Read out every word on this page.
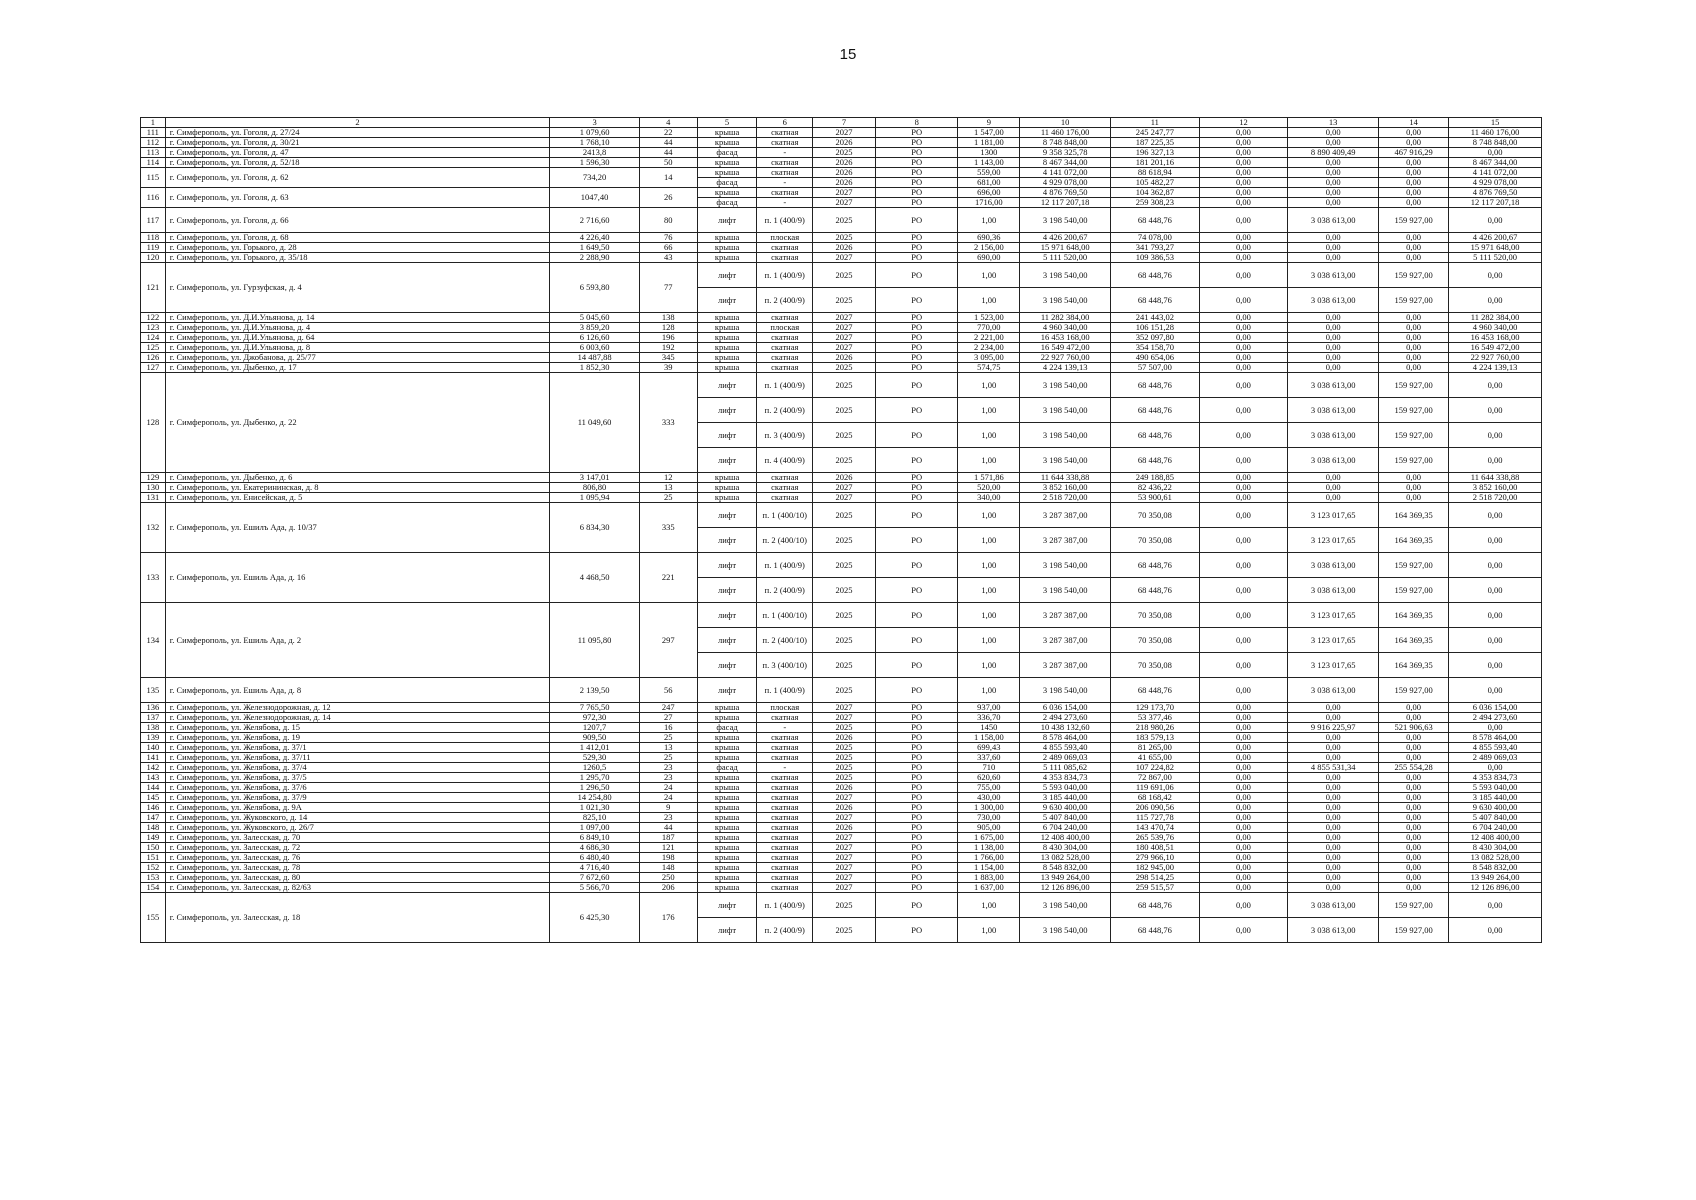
15
1	2	3	4	5	6	7	8	9	10	11	12	13	14	15
111	г. Симферополь, ул. Гоголя, д. 27/24	1 079,60	22	крыша	скатная	2027	РО	1 547,00	11 460 176,00	245 247,77	0,00	0,00	0,00	11 460 176,00
112	г. Симферополь, ул. Гоголя, д. 30/21	1 768,10	44	крыша	скатная	2026	РО	1 181,00	8 748 848,00	187 225,35	0,00	0,00	0,00	8 748 848,00
113	г. Симферополь, ул. Гоголя, д. 47	2413,8	44	фасад	-	2025	РО	1300	9 358 325,78	196 327,13	0,00	8 890 409,49	467 916,29	0,00
114	г. Симферополь, ул. Гоголя, д. 52/18	1 596,30	50	крыша	скатная	2026	РО	1 143,00	8 467 344,00	181 201,16	0,00	0,00	0,00	8 467 344,00
115	г. Симферополь, ул. Гоголя, д. 62	734,20	14	крыша	скатная	2026	РО	559,00	4 141 072,00	88 618,94	0,00	0,00	0,00	4 141 072,00
				фасад	-	2026	РО	681,00	4 929 078,00	105 482,27	0,00	0,00	0,00	4 929 078,00
116	г. Симферополь, ул. Гоголя, д. 63	1047,40	26	крыша	скатная	2027	РО	696,00	4 876 769,50	104 362,87	0,00	0,00	0,00	4 876 769,50
				фасад	-	2027	РО	1716,00	12 117 207,18	259 308,23	0,00	0,00	0,00	12 117 207,18
117	г. Симферополь, ул. Гоголя, д. 66	2 716,60	80	лифт	п. 1 (400/9)	2025	РО	1,00	3 198 540,00	68 448,76	0,00	3 038 613,00	159 927,00	0,00
118	г. Симферополь, ул. Гоголя, д. 68	4 226,40	76	крыша	плоская	2025	РО	690,36	4 426 200,67	74 078,00	0,00	0,00	0,00	4 426 200,67
119	г. Симферополь, ул. Горького, д. 28	1 649,50	66	крыша	скатная	2026	РО	2 156,00	15 971 648,00	341 793,27	0,00	0,00	0,00	15 971 648,00
120	г. Симферополь, ул. Горького, д. 35/18	2 288,90	43	крыша	скатная	2027	РО	690,00	5 111 520,00	109 386,53	0,00	0,00	0,00	5 111 520,00
121	г. Симферополь, ул. Гурзуфская, д. 4	6 593,80	77	лифт	п. 1 (400/9)	2025	РО	1,00	3 198 540,00	68 448,76	0,00	3 038 613,00	159 927,00	0,00
				лифт	п. 2 (400/9)	2025	РО	1,00	3 198 540,00	68 448,76	0,00	3 038 613,00	159 927,00	0,00
122	г. Симферополь, ул. Д.И.Ульянова, д. 14	5 045,60	138	крыша	скатная	2027	РО	1 523,00	11 282 384,00	241 443,02	0,00	0,00	0,00	11 282 384,00
123	г. Симферополь, ул. Д.И.Ульянова, д. 4	3 859,20	128	крыша	плоская	2027	РО	770,00	4 960 340,00	106 151,28	0,00	0,00	0,00	4 960 340,00
124	г. Симферополь, ул. Д.И.Ульянова, д. 64	6 126,60	196	крыша	скатная	2027	РО	2 221,00	16 453 168,00	352 097,80	0,00	0,00	0,00	16 453 168,00
125	г. Симферополь, ул. Д.И.Ульянова, д. 8	6 003,60	192	крыша	скатная	2027	РО	2 234,00	16 549 472,00	354 158,70	0,00	0,00	0,00	16 549 472,00
126	г. Симферополь, ул. Джобанова, д. 25/77	14 487,88	345	крыша	скатная	2026	РО	3 095,00	22 927 760,00	490 654,06	0,00	0,00	0,00	22 927 760,00
127	г. Симферополь, ул. Дыбенко, д. 17	1 852,30	39	крыша	скатная	2025	РО	574,75	4 224 139,13	57 507,00	0,00	0,00	0,00	4 224 139,13
128	г. Симферополь, ул. Дыбенко, д. 22	11 049,60	333	лифт	п. 1 (400/9)	2025	РО	1,00	3 198 540,00	68 448,76	0,00	3 038 613,00	159 927,00	0,00
				лифт	п. 2 (400/9)	2025	РО	1,00	3 198 540,00	68 448,76	0,00	3 038 613,00	159 927,00	0,00
				лифт	п. 3 (400/9)	2025	РО	1,00	3 198 540,00	68 448,76	0,00	3 038 613,00	159 927,00	0,00
				лифт	п. 4 (400/9)	2025	РО	1,00	3 198 540,00	68 448,76	0,00	3 038 613,00	159 927,00	0,00
129	г. Симферополь, ул. Дыбенко, д. 6	3 147,01	12	крыша	скатная	2026	РО	1 571,86	11 644 338,88	249 188,85	0,00	0,00	0,00	11 644 338,88
130	г. Симферополь, ул. Екатерининская, д. 8	806,80	13	крыша	скатная	2027	РО	520,00	3 852 160,00	82 436,22	0,00	0,00	0,00	3 852 160,00
131	г. Симферополь, ул. Енисейская, д. 5	1 095,94	25	крыша	скатная	2027	РО	340,00	2 518 720,00	53 900,61	0,00	0,00	0,00	2 518 720,00
132	г. Симферополь, ул. Ешилъ Ада, д. 10/37	6 834,30	335	лифт	п. 1 (400/10)	2025	РО	1,00	3 287 387,00	70 350,08	0,00	3 123 017,65	164 369,35	0,00
				лифт	п. 2 (400/10)	2025	РО	1,00	3 287 387,00	70 350,08	0,00	3 123 017,65	164 369,35	0,00
133	г. Симферополь, ул. Ешиль Ада, д. 16	4 468,50	221	лифт	п. 1 (400/9)	2025	РО	1,00	3 198 540,00	68 448,76	0,00	3 038 613,00	159 927,00	0,00
				лифт	п. 2 (400/9)	2025	РО	1,00	3 198 540,00	68 448,76	0,00	3 038 613,00	159 927,00	0,00
134	г. Симферополь, ул. Ешиль Ада, д. 2	11 095,80	297	лифт	п. 1 (400/10)	2025	РО	1,00	3 287 387,00	70 350,08	0,00	3 123 017,65	164 369,35	0,00
				лифт	п. 2 (400/10)	2025	РО	1,00	3 287 387,00	70 350,08	0,00	3 123 017,65	164 369,35	0,00
				лифт	п. 3 (400/10)	2025	РО	1,00	3 287 387,00	70 350,08	0,00	3 123 017,65	164 369,35	0,00
135	г. Симферополь, ул. Ешиль Ада, д. 8	2 139,50	56	лифт	п. 1 (400/9)	2025	РО	1,00	3 198 540,00	68 448,76	0,00	3 038 613,00	159 927,00	0,00
136	г. Симферополь, ул. Железнодорожная, д. 12	7 765,50	247	крыша	плоская	2027	РО	937,00	6 036 154,00	129 173,70	0,00	0,00	0,00	6 036 154,00
137	г. Симферополь, ул. Железнодорожная, д. 14	972,30	27	крыша	скатная	2027	РО	336,70	2 494 273,60	53 377,46	0,00	0,00	0,00	2 494 273,60
138	г. Симферополь, ул. Желябова, д. 15	1207,7	16	фасад	-	2025	РО	1450	10 438 132,60	218 980,26	0,00	9 916 225,97	521 906,63	0,00
139	г. Симферополь, ул. Желябова, д. 19	909,50	25	крыша	скатная	2026	РО	1 158,00	8 578 464,00	183 579,13	0,00	0,00	0,00	8 578 464,00
140	г. Симферополь, ул. Желябова, д. 37/1	1 412,01	13	крыша	скатная	2025	РО	699,43	4 855 593,40	81 265,00	0,00	0,00	0,00	4 855 593,40
141	г. Симферополь, ул. Желябова, д. 37/11	529,30	25	крыша	скатная	2025	РО	337,60	2 489 069,03	41 655,00	0,00	0,00	0,00	2 489 069,03
142	г. Симферополь, ул. Желябова, д. 37/4	1260,5	23	фасад	-	2025	РО	710	5 111 085,62	107 224,82	0,00	4 855 531,34	255 554,28	0,00
143	г. Симферополь, ул. Желябова, д. 37/5	1 295,70	23	крыша	скатная	2025	РО	620,60	4 353 834,73	72 867,00	0,00	0,00	0,00	4 353 834,73
144	г. Симферополь, ул. Желябова, д. 37/6	1 296,50	24	крыша	скатная	2026	РО	755,00	5 593 040,00	119 691,06	0,00	0,00	0,00	5 593 040,00
145	г. Симферополь, ул. Желябова, д. 37/9	14 254,80	24	крыша	скатная	2027	РО	430,00	3 185 440,00	68 168,42	0,00	0,00	0,00	3 185 440,00
146	г. Симферополь, ул. Желябова, д. 9А	1 021,30	9	крыша	скатная	2026	РО	1 300,00	9 630 400,00	206 090,56	0,00	0,00	0,00	9 630 400,00
147	г. Симферополь, ул. Жуковского, д. 14	825,10	23	крыша	скатная	2027	РО	730,00	5 407 840,00	115 727,78	0,00	0,00	0,00	5 407 840,00
148	г. Симферополь, ул. Жуковского, д. 26/7	1 097,00	44	крыша	скатная	2026	РО	905,00	6 704 240,00	143 470,74	0,00	0,00	0,00	6 704 240,00
149	г. Симферополь, ул. Залесская, д. 70	6 849,10	187	крыша	скатная	2027	РО	1 675,00	12 408 400,00	265 539,76	0,00	0,00	0,00	12 408 400,00
150	г. Симферополь, ул. Залесская, д. 72	4 686,30	121	крыша	скатная	2027	РО	1 138,00	8 430 304,00	180 408,51	0,00	0,00	0,00	8 430 304,00
151	г. Симферополь, ул. Залесская, д. 76	6 480,40	198	крыша	скатная	2027	РО	1 766,00	13 082 528,00	279 966,10	0,00	0,00	0,00	13 082 528,00
152	г. Симферополь, ул. Залесская, д. 78	4 716,40	148	крыша	скатная	2027	РО	1 154,00	8 548 832,00	182 945,00	0,00	0,00	0,00	8 548 832,00
153	г. Симферополь, ул. Залесская, д. 80	7 672,60	250	крыша	скатная	2027	РО	1 883,00	13 949 264,00	298 514,25	0,00	0,00	0,00	13 949 264,00
154	г. Симферополь, ул. Залесская, д. 82/63	5 566,70	206	крыша	скатная	2027	РО	1 637,00	12 126 896,00	259 515,57	0,00	0,00	0,00	12 126 896,00
155	г. Симферополь, ул. Залесская, д. 18	6 425,30	176	лифт	п. 1 (400/9)	2025	РО	1,00	3 198 540,00	68 448,76	0,00	3 038 613,00	159 927,00	0,00
				лифт	п. 2 (400/9)	2025	РО	1,00	3 198 540,00	68 448,76	0,00	3 038 613,00	159 927,00	0,00
